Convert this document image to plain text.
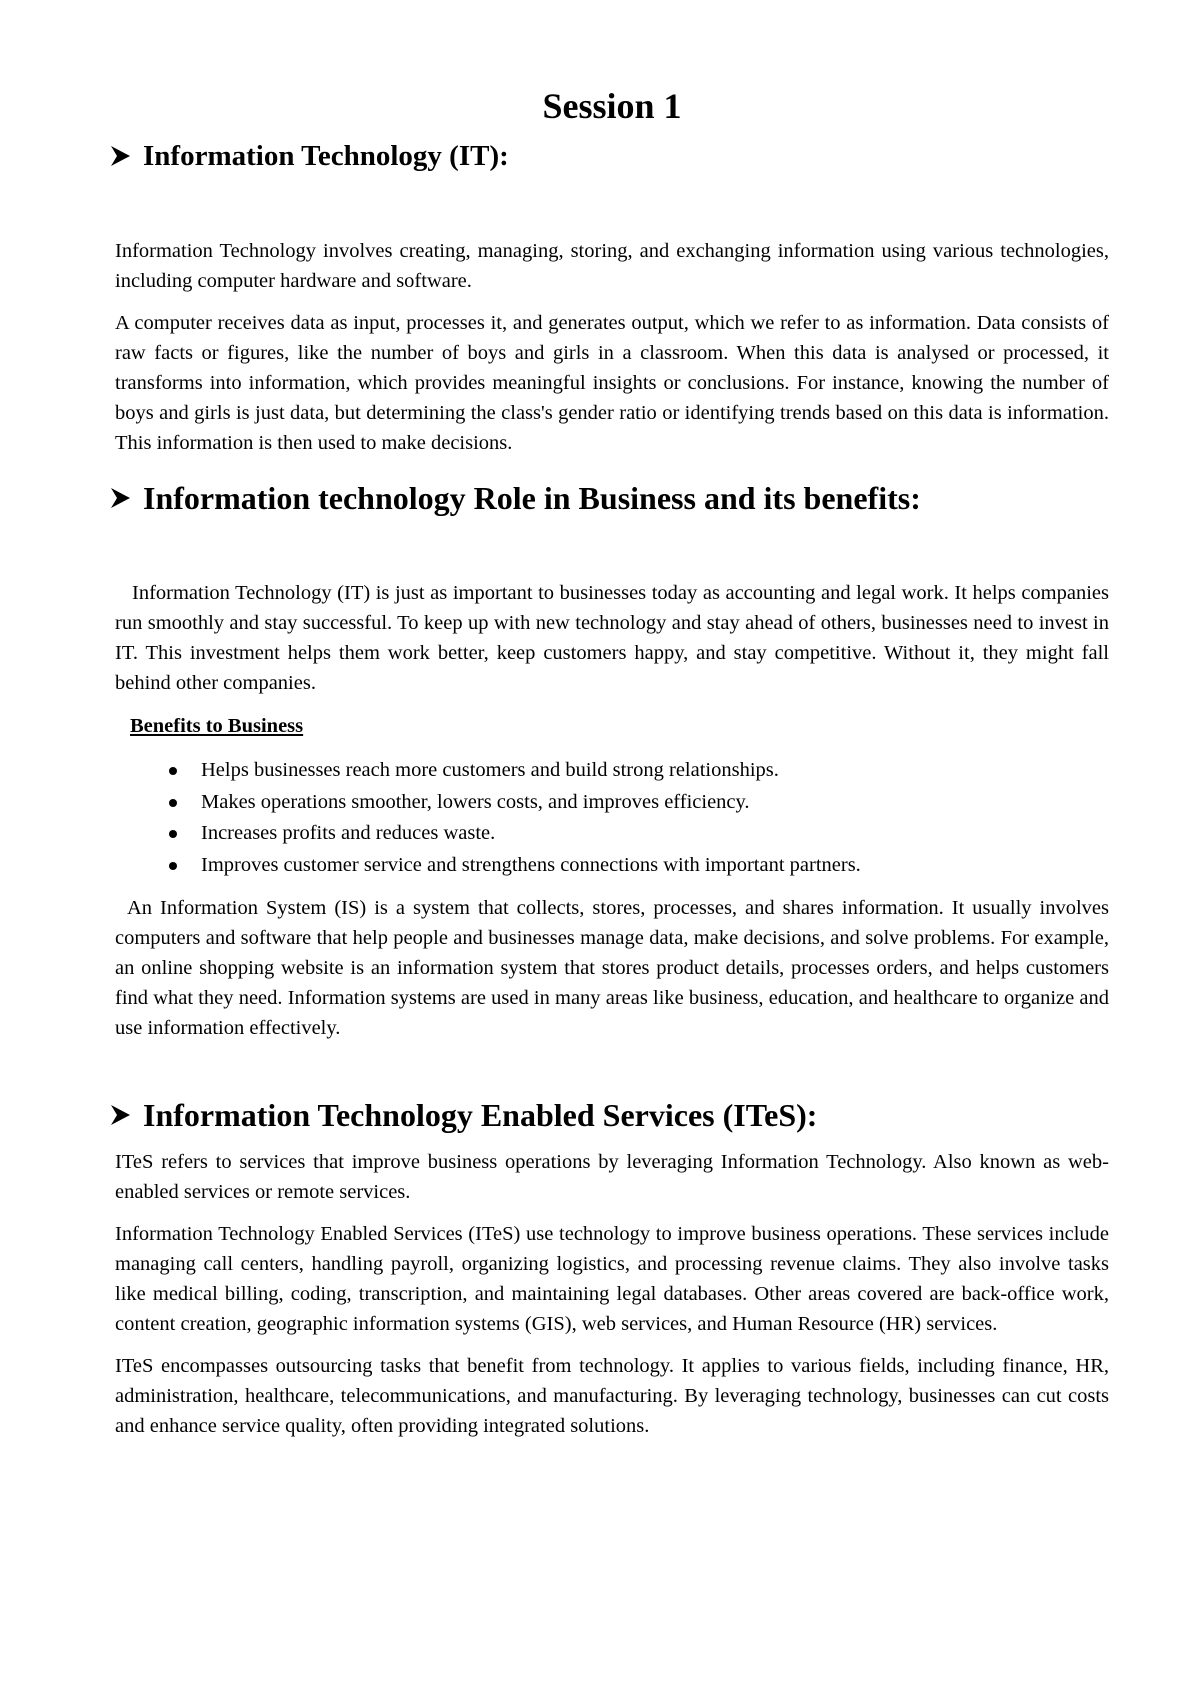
Session 1
Information Technology (IT):

Information Technology involves creating, managing, storing, and exchanging information using various technologies, including computer hardware and software.

A computer receives data as input, processes it, and generates output, which we refer to as information. Data consists of raw facts or figures, like the number of boys and girls in a classroom. When this data is analysed or processed, it transforms into information, which provides meaningful insights or conclusions. For instance, knowing the number of boys and girls is just data, but determining the class's gender ratio or identifying trends based on this data is information. This information is then used to make decisions.

Information technology Role in Business and its benefits:

Information Technology (IT) is just as important to businesses today as accounting and legal work. It helps companies run smoothly and stay successful. To keep up with new technology and stay ahead of others, businesses need to invest in IT. This investment helps them work better, keep customers happy, and stay competitive. Without it, they might fall behind other companies.

Benefits to Business

Helps businesses reach more customers and build strong relationships.
Makes operations smoother, lowers costs, and improves efficiency.
Increases profits and reduces waste.
Improves customer service and strengthens connections with important partners.

An Information System (IS) is a system that collects, stores, processes, and shares information. It usually involves computers and software that help people and businesses manage data, make decisions, and solve problems. For example, an online shopping website is an information system that stores product details, processes orders, and helps customers find what they need. Information systems are used in many areas like business, education, and healthcare to organize and use information effectively.

Information Technology Enabled Services (ITeS):

ITeS refers to services that improve business operations by leveraging Information Technology. Also known as web-enabled services or remote services.

Information Technology Enabled Services (ITeS) use technology to improve business operations. These services include managing call centers, handling payroll, organizing logistics, and processing revenue claims. They also involve tasks like medical billing, coding, transcription, and maintaining legal databases. Other areas covered are back-office work, content creation, geographic information systems (GIS), web services, and Human Resource (HR) services.

ITeS encompasses outsourcing tasks that benefit from technology. It applies to various fields, including finance, HR, administration, healthcare, telecommunications, and manufacturing. By leveraging technology, businesses can cut costs and enhance service quality, often providing integrated solutions.
